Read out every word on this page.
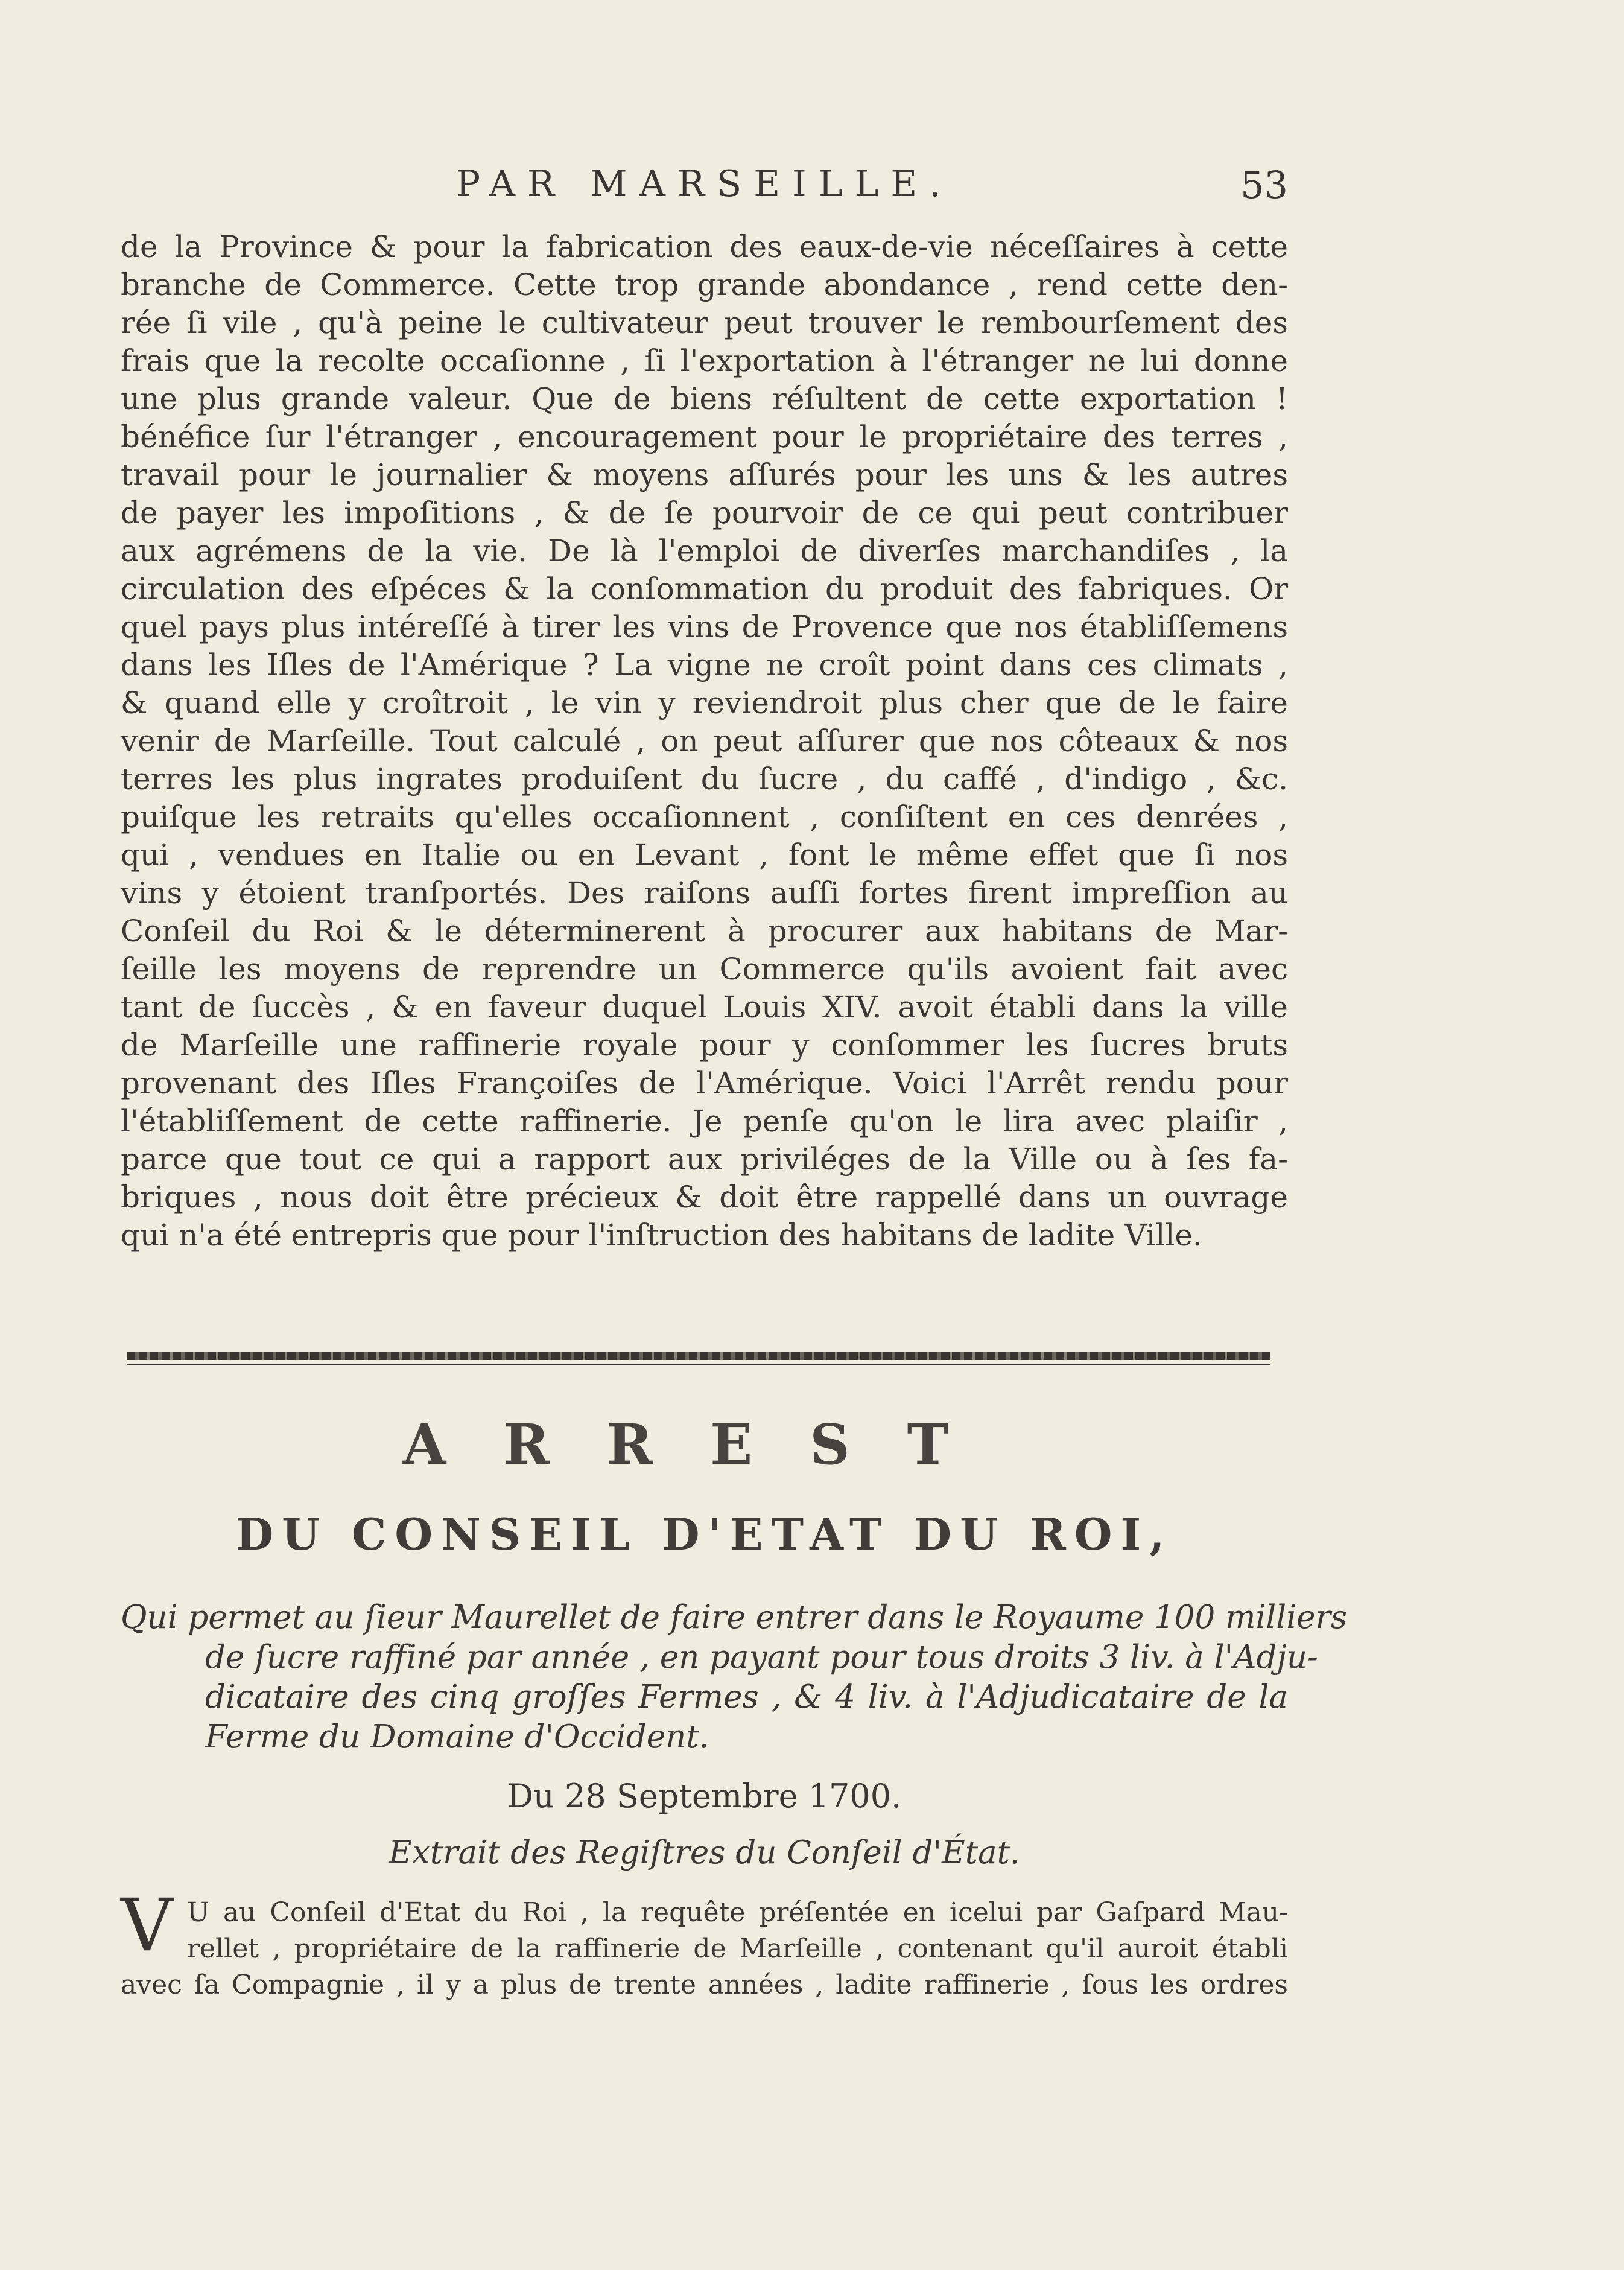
PAR MARSEILLE.	53
de la Province & pour la fabrication des eaux-de-vie néceſſaires à cette
branche de Commerce. Cette trop grande abondance , rend cette den-
rée ſi vile , qu'à peine le cultivateur peut trouver le rembourſement des
frais que la recolte occaſionne , ſi l'exportation à l'étranger ne lui donne
une plus grande valeur. Que de biens réſultent de cette exportation !
bénéfice ſur l'étranger , encouragement pour le propriétaire des terres ,
travail pour le journalier & moyens aſſurés pour les uns & les autres
de payer les impoſitions , & de ſe pourvoir de ce qui peut contribuer
aux agrémens de la vie. De là l'emploi de diverſes marchandiſes , la
circulation des eſpéces & la conſommation du produit des fabriques. Or
quel pays plus intéreſſé à tirer les vins de Provence que nos établiſſemens
dans les Iſles de l'Amérique ? La vigne ne croît point dans ces climats ,
& quand elle y croîtroit , le vin y reviendroit plus cher que de le faire
venir de Marſeille. Tout calculé , on peut aſſurer que nos côteaux & nos
terres les plus ingrates produiſent du ſucre , du caffé , d'indigo , &c.
puiſque les retraits qu'elles occaſionnent , conſiſtent en ces denrées ,
qui , vendues en Italie ou en Levant , font le même effet que ſi nos
vins y étoient tranſportés. Des raiſons auſſi fortes firent impreſſion au
Conſeil du Roi & le déterminerent à procurer aux habitans de Mar-
ſeille les moyens de reprendre un Commerce qu'ils avoient fait avec
tant de ſuccès , & en faveur duquel Louis XIV. avoit établi dans la ville
de Marſeille une raffinerie royale pour y conſommer les ſucres bruts
provenant des Iſles Françoiſes de l'Amérique. Voici l'Arrêt rendu pour
l'établiſſement de cette raffinerie. Je penſe qu'on le lira avec plaiſir ,
parce que tout ce qui a rapport aux priviléges de la Ville ou à ſes fa-
briques , nous doit être précieux & doit être rappellé dans un ouvrage
qui n'a été entrepris que pour l'inſtruction des habitans de ladite Ville.
ARREST
DU CONSEIL D'ETAT DU ROI,
Qui permet au ſieur Maurellet de faire entrer dans le Royaume 100 milliers
de ſucre raffiné par année , en payant pour tous droits 3 liv. à l'Adju-
dicataire des cinq groſſes Fermes , & 4 liv. à l'Adjudicataire de la
Ferme du Domaine d'Occident.
Du 28 Septembre 1700.
Extrait des Regiſtres du Conſeil d'État.
V U au Conſeil d'Etat du Roi , la requête préſentée en icelui par Gaſpard Mau-
rellet , propriétaire de la raffinerie de Marſeille , contenant qu'il auroit établi
avec ſa Compagnie , il y a plus de trente années , ladite raffinerie , ſous les ordres
